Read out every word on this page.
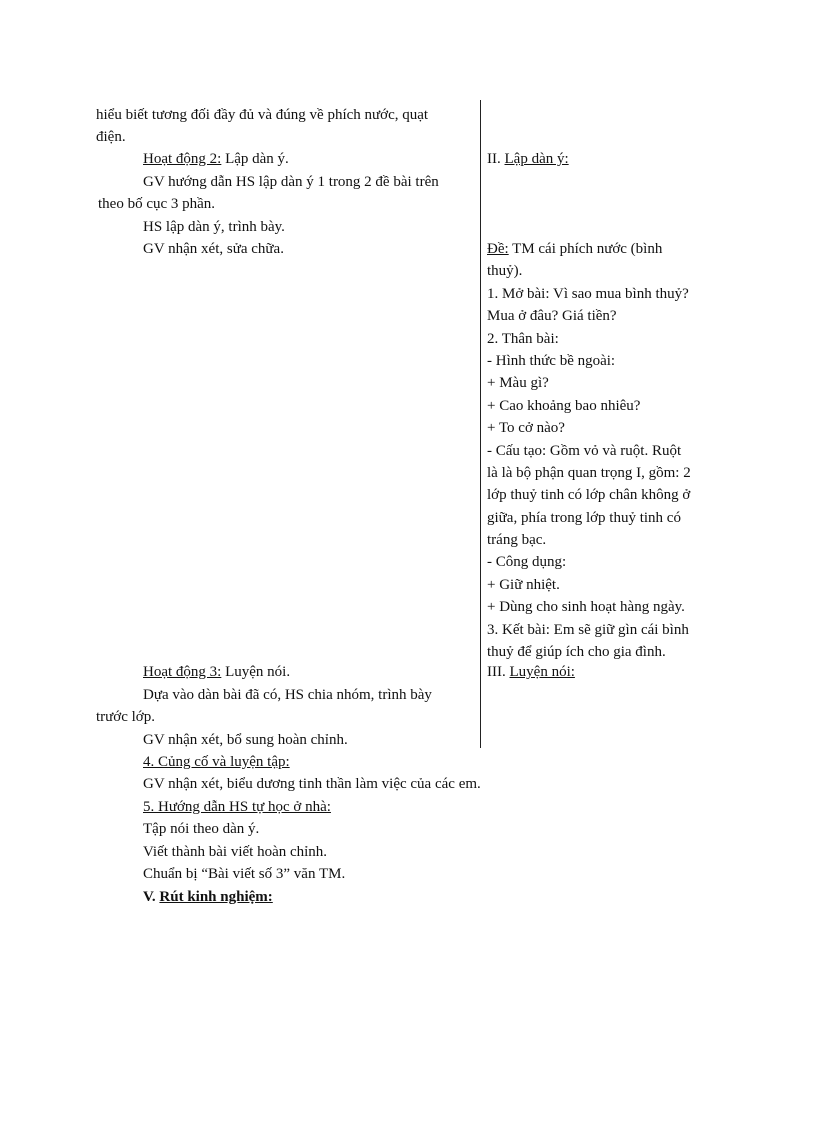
hiểu biết tương đối đầy đủ và đúng về phích nước, quạt
điện.
Hoạt động 2: Lập dàn ý.
GV hướng dẫn HS lập dàn ý 1 trong 2 đề bài trên
theo bố cục 3 phần.
HS lập dàn ý, trình bày.
GV nhận xét, sửa chữa.
Hoạt động 3: Luyện nói.
Dựa vào dàn bài đã có, HS chia nhóm, trình bày
trước lớp.
GV nhận xét, bổ sung hoàn chỉnh.
II. Lập dàn ý:
Đề: TM cái phích nước (bình
thuỷ).
1. Mở bài: Vì sao mua bình thuỷ?
Mua ở đâu? Giá tiền?
2. Thân bài:
- Hình thức bề ngoài:
+ Màu gì?
+ Cao khoảng bao nhiêu?
+ To cở nào?
- Cấu tạo: Gồm vỏ và ruột. Ruột
là là bộ phận quan trọng I, gồm: 2
lớp thuỷ tinh có lớp chân không ở
giữa, phía trong lớp thuỷ tinh có
tráng bạc.
- Công dụng:
+ Giữ nhiệt.
+ Dùng cho sinh hoạt hàng ngày.
3. Kết bài: Em sẽ giữ gìn cái bình
thuỷ để giúp ích cho gia đình.
III. Luyện nói:
4. Củng cố và luyện tập:
GV nhận xét, biểu dương tinh thần làm việc của các em.
5. Hướng dẫn HS tự học ở nhà:
Tập nói theo dàn ý.
Viết thành bài viết hoàn chỉnh.
Chuẩn bị “Bài viết số 3” văn TM.
V. Rút kinh nghiệm:
